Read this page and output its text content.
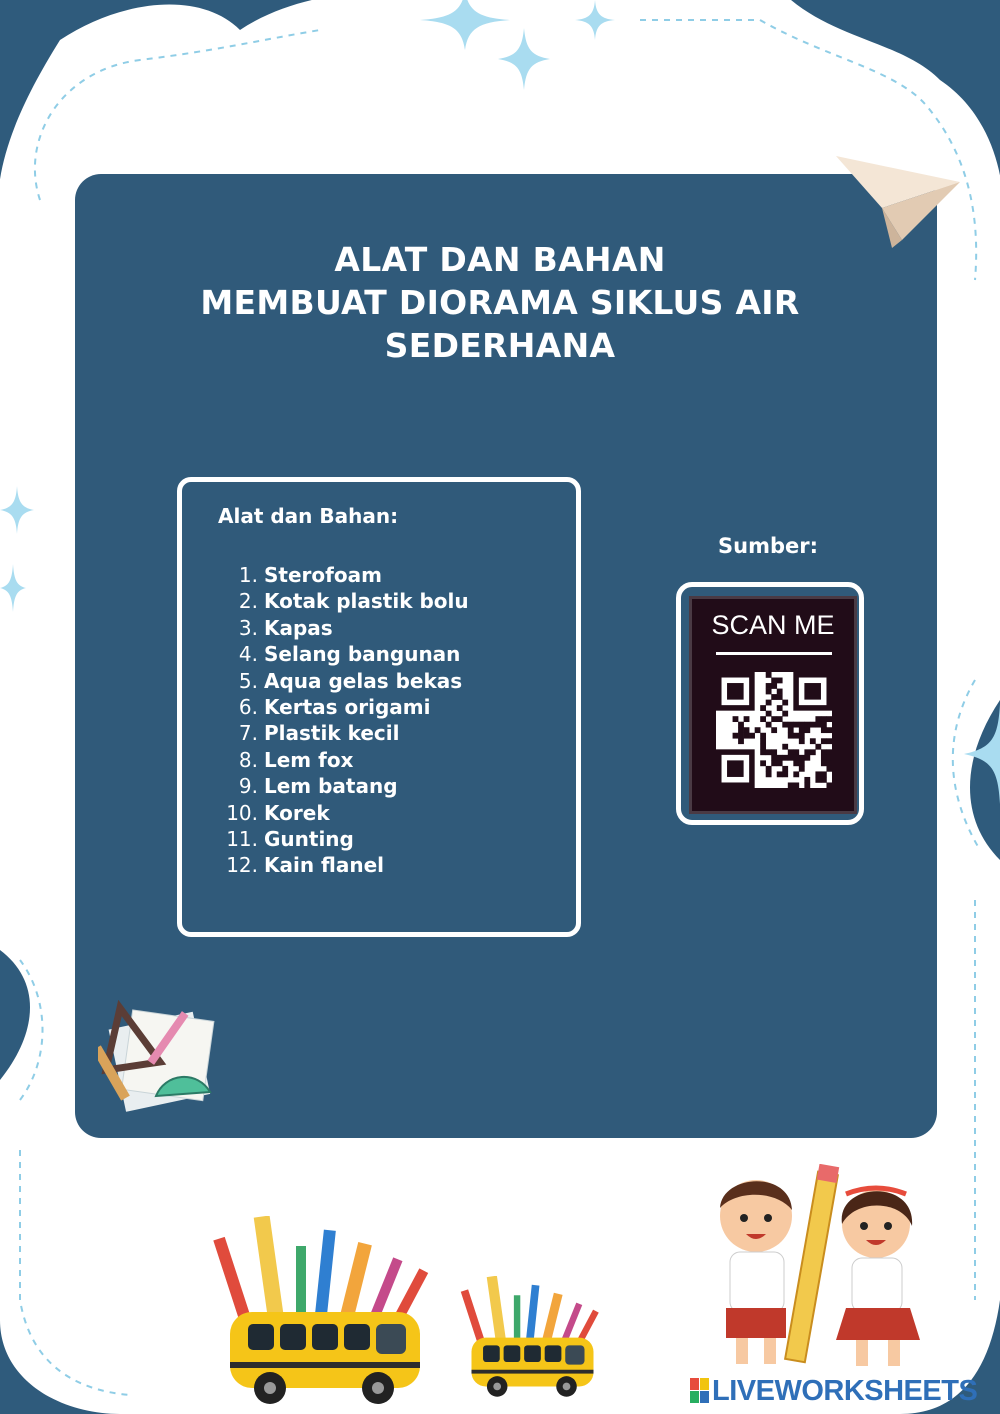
ALAT DAN BAHAN
MEMBUAT DIORAMA SIKLUS AIR
SEDERHANA
Alat dan Bahan:
1. Sterofoam
2. Kotak plastik bolu
3. Kapas
4. Selang bangunan
5. Aqua gelas bekas
6. Kertas origami
7. Plastik kecil
8. Lem fox
9. Lem batang
10. Korek
11. Gunting
12. Kain flanel
Sumber:
SCAN ME
LIVEWORKSHEETS
